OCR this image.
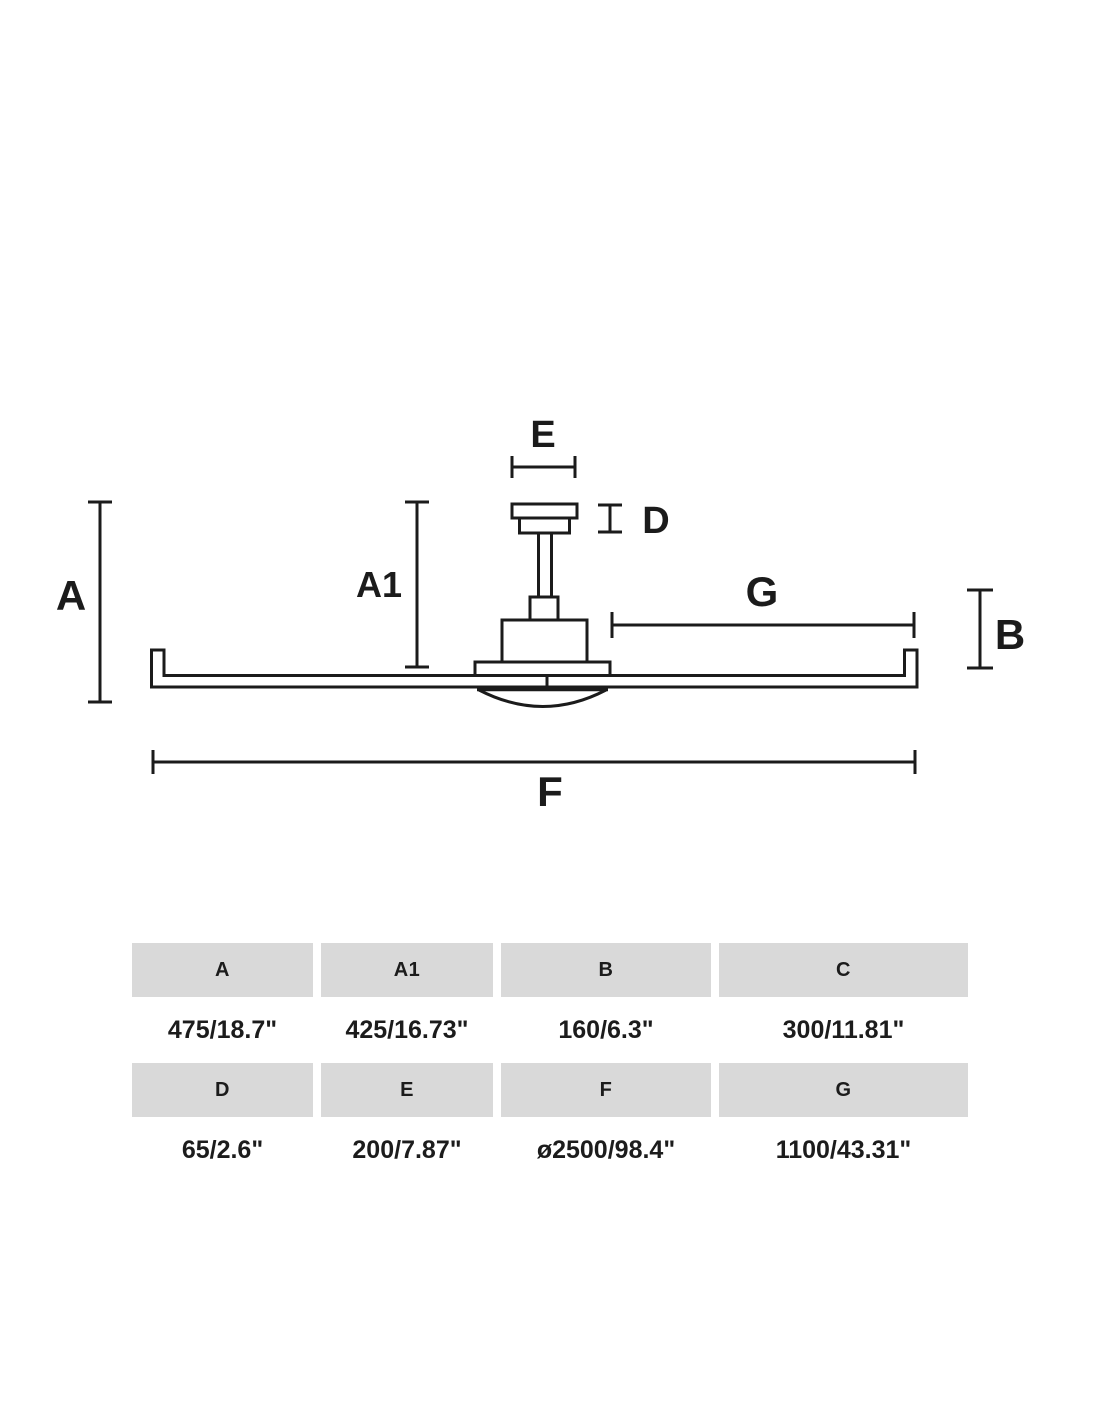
E
D
A	A1	G
B
F
A	A1	B	C
475/18.7"	425/16.73"	160/6.3"	300/11.81"
D	E	F	G
65/2.6"	200/7.87"	ø2500/98.4"	1100/43.31"
